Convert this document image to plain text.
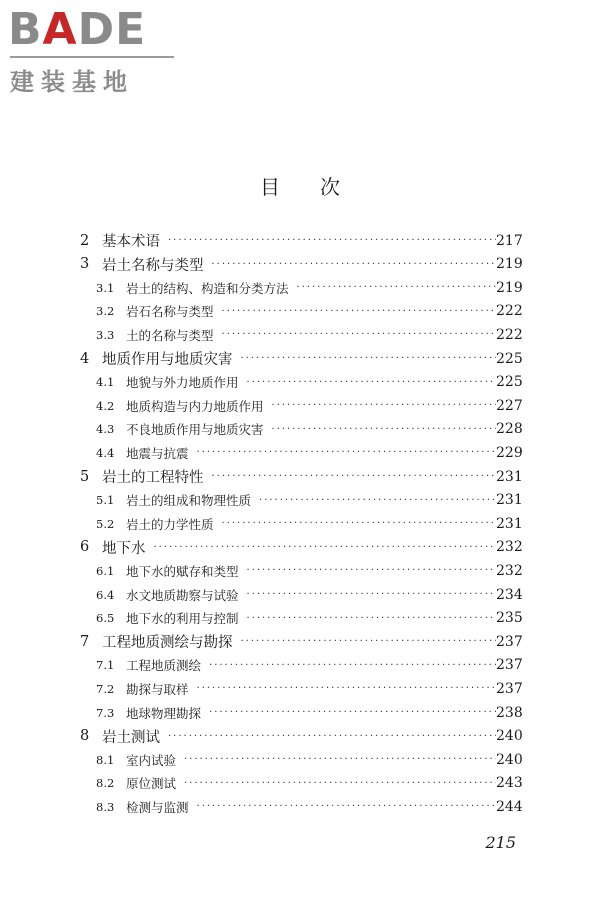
BADE
建装基地
目次
2 基本术语 ·····	217
3 岩土名称与类型 ·····	219
3.1 岩土的结构、构造和分类方法 ·····	219
3.2 岩石名称与类型 ·····	222
3.3 土的名称与类型 ·····	222
4 地质作用与地质灾害 ·····	225
4.1 地貌与外力地质作用 ·····	225
4.2 地质构造与内力地质作用 ·····	227
4.3 不良地质作用与地质灾害 ·····	228
4.4 地震与抗震 ·····	229
5 岩土的工程特性 ·····	231
5.1 岩土的组成和物理性质 ·····	231
5.2 岩土的力学性质 ·····	231
6 地下水 ·····	232
6.1 地下水的赋存和类型 ·····	232
6.4 水文地质勘察与试验 ·····	234
6.5 地下水的利用与控制 ·····	235
7 工程地质测绘与勘探 ·····	237
7.1 工程地质测绘 ·····	237
7.2 勘探与取样 ·····	237
7.3 地球物理勘探 ·····	238
8 岩土测试 ·····	240
8.1 室内试验 ·····	240
8.2 原位测试 ·····	243
8.3 检测与监测 ·····	244
215
